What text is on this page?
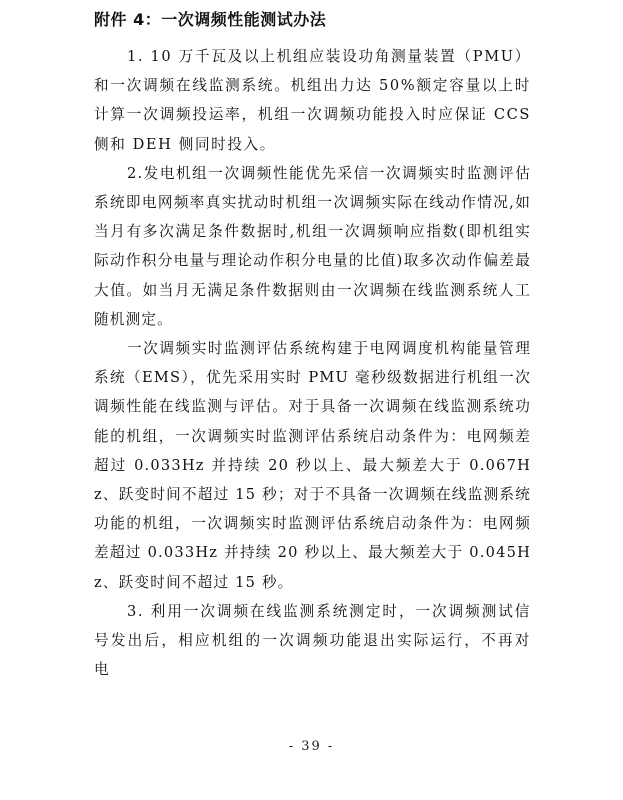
附件 4：一次调频性能测试办法

1. 10 万千瓦及以上机组应装设功角测量装置（PMU）和一次调频在线监测系统。机组出力达 50%额定容量以上时计算一次调频投运率，机组一次调频功能投入时应保证 CCS 侧和 DEH 侧同时投入。

2.发电机组一次调频性能优先采信一次调频实时监测评估系统即电网频率真实扰动时机组一次调频实际在线动作情况,如当月有多次满足条件数据时,机组一次调频响应指数(即机组实际动作积分电量与理论动作积分电量的比值)取多次动作偏差最大值。如当月无满足条件数据则由一次调频在线监测系统人工随机测定。

一次调频实时监测评估系统构建于电网调度机构能量管理系统（EMS），优先采用实时 PMU 毫秒级数据进行机组一次调频性能在线监测与评估。对于具备一次调频在线监测系统功能的机组，一次调频实时监测评估系统启动条件为：电网频差超过 0.033Hz 并持续 20 秒以上、最大频差大于 0.067Hz、跃变时间不超过 15 秒；对于不具备一次调频在线监测系统功能的机组，一次调频实时监测评估系统启动条件为：电网频差超过 0.033Hz 并持续 20 秒以上、最大频差大于 0.045Hz、跃变时间不超过 15 秒。

3. 利用一次调频在线监测系统测定时，一次调频测试信号发出后，相应机组的一次调频功能退出实际运行，不再对电

- 39 -
